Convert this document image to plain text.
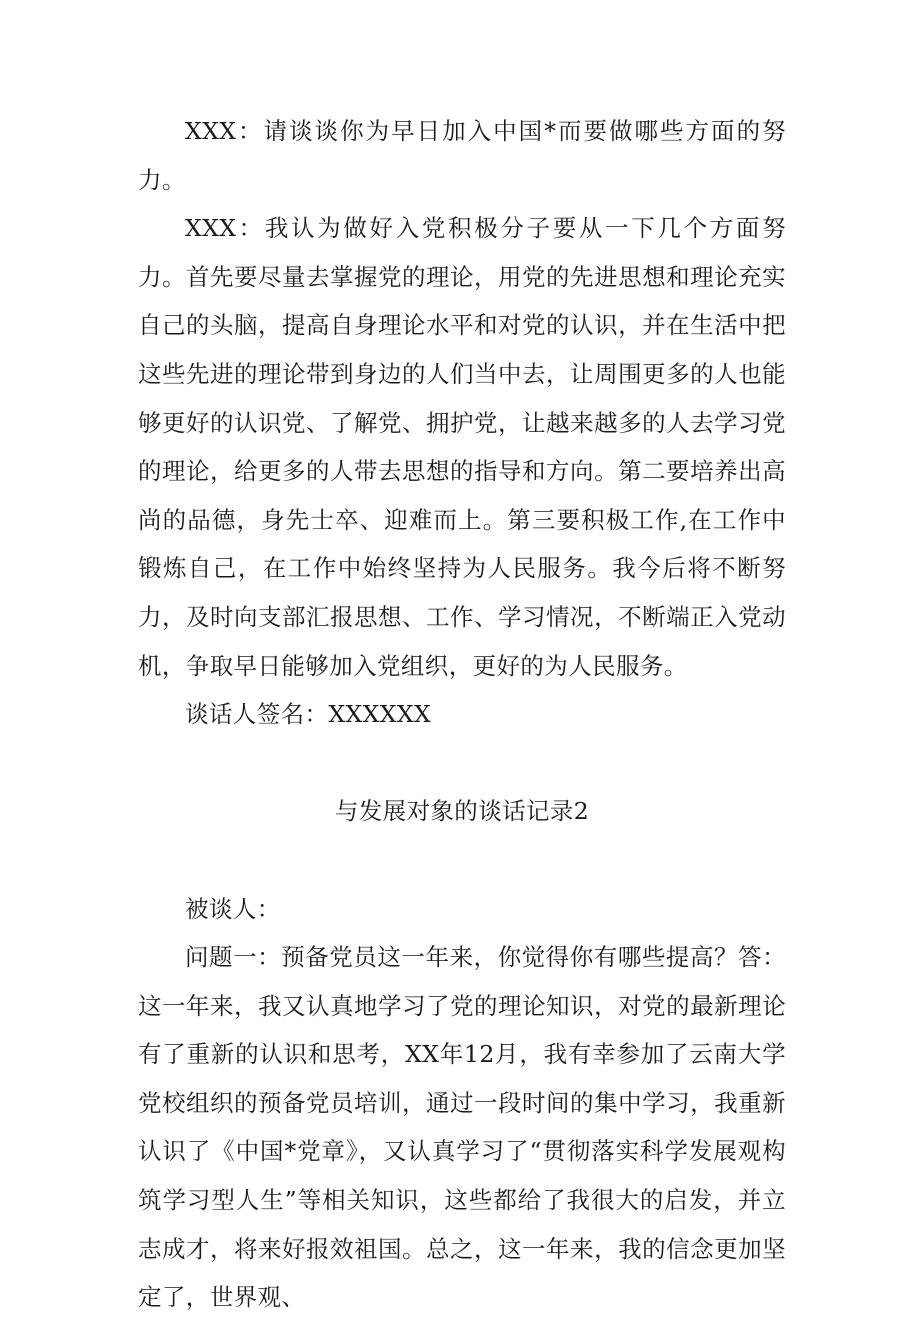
XXX：请谈谈你为早日加入中国*而要做哪些方面的努力。

XXX：我认为做好入党积极分子要从一下几个方面努力。首先要尽量去掌握党的理论，用党的先进思想和理论充实自己的头脑，提高自身理论水平和对党的认识，并在生活中把这些先进的理论带到身边的人们当中去，让周围更多的人也能够更好的认识党、了解党、拥护党，让越来越多的人去学习党的理论，给更多的人带去思想的指导和方向。第二要培养出高尚的品德，身先士卒、迎难而上。第三要积极工作,在工作中锻炼自己，在工作中始终坚持为人民服务。我今后将不断努力，及时向支部汇报思想、工作、学习情况，不断端正入党动机，争取早日能够加入党组织，更好的为人民服务。

谈话人签名：XXXXXX

与发展对象的谈话记录2

被谈人：

问题一：预备党员这一年来，你觉得你有哪些提高？答：这一年来，我又认真地学习了党的理论知识，对党的最新理论有了重新的认识和思考，XX年12月，我有幸参加了云南大学党校组织的预备党员培训，通过一段时间的集中学习，我重新认识了《中国*党章》，又认真学习了“贯彻落实科学发展观构筑学习型人生”等相关知识，这些都给了我很大的启发，并立志成才，将来好报效祖国。总之，这一年来，我的信念更加坚定了，世界观、
